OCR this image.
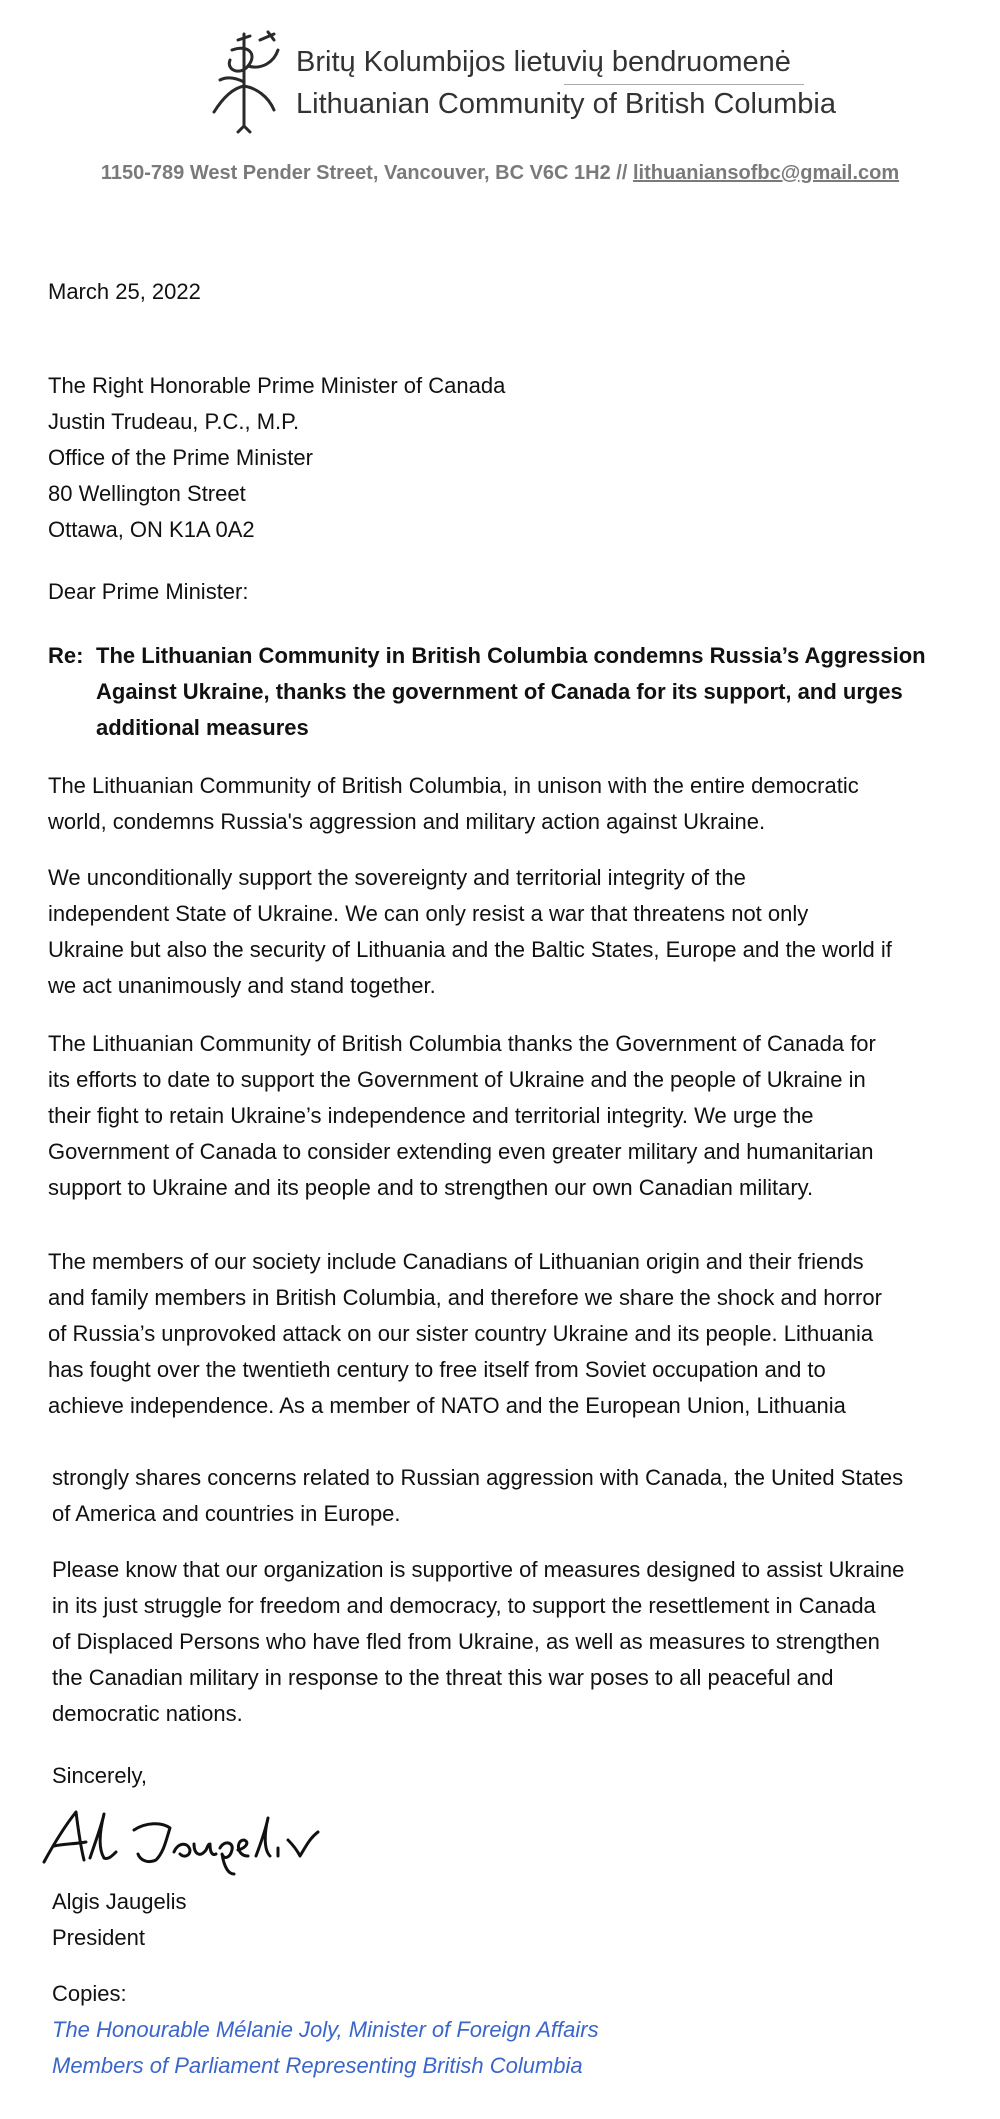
Britų Kolumbijos lietuvių bendruomenė
Lithuanian Community of British Columbia
1150-789 West Pender Street, Vancouver, BC V6C 1H2 // lithuaniansofbc@gmail.com
March 25, 2022
The Right Honorable Prime Minister of Canada
Justin Trudeau, P.C., M.P.
Office of the Prime Minister
80 Wellington Street
Ottawa, ON K1A 0A2
Dear Prime Minister:
Re: The Lithuanian Community in British Columbia condemns Russia’s Aggression
Against Ukraine, thanks the government of Canada for its support, and urges
additional measures
The Lithuanian Community of British Columbia, in unison with the entire democratic
world, condemns Russia's aggression and military action against Ukraine.
We unconditionally support the sovereignty and territorial integrity of the
independent State of Ukraine. We can only resist a war that threatens not only
Ukraine but also the security of Lithuania and the Baltic States, Europe and the world if
we act unanimously and stand together.
The Lithuanian Community of British Columbia thanks the Government of Canada for
its efforts to date to support the Government of Ukraine and the people of Ukraine in
their fight to retain Ukraine’s independence and territorial integrity. We urge the
Government of Canada to consider extending even greater military and humanitarian
support to Ukraine and its people and to strengthen our own Canadian military.
The members of our society include Canadians of Lithuanian origin and their friends
and family members in British Columbia, and therefore we share the shock and horror
of Russia’s unprovoked attack on our sister country Ukraine and its people. Lithuania
has fought over the twentieth century to free itself from Soviet occupation and to
achieve independence. As a member of NATO and the European Union, Lithuania
strongly shares concerns related to Russian aggression with Canada, the United States
of America and countries in Europe.
Please know that our organization is supportive of measures designed to assist Ukraine
in its just struggle for freedom and democracy, to support the resettlement in Canada
of Displaced Persons who have fled from Ukraine, as well as measures to strengthen
the Canadian military in response to the threat this war poses to all peaceful and
democratic nations.
Sincerely,
Algis Jaugelis
President
Copies:
The Honourable Mélanie Joly, Minister of Foreign Affairs
Members of Parliament Representing British Columbia
